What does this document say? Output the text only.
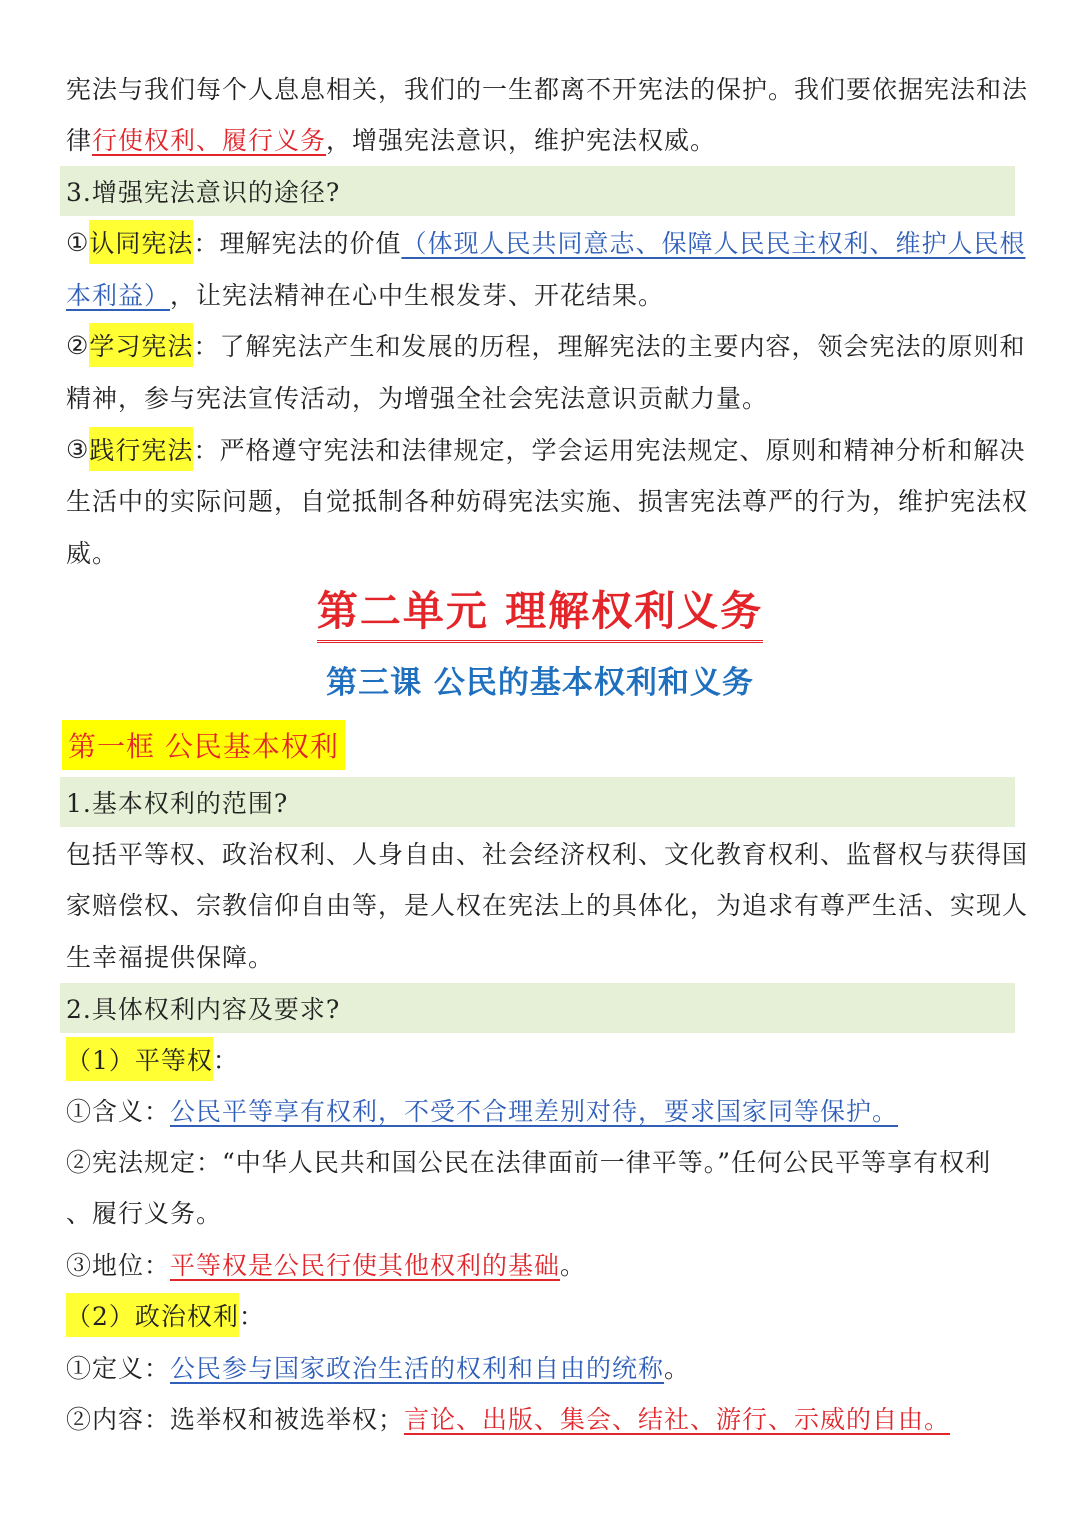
宪法与我们每个人息息相关，我们的一生都离不开宪法的保护。我们要依据宪法和法
律 行使权利、履行义务 ，增强宪法意识，维护宪法权威。
3.增强宪法意识的途径?
① 认同宪法 ：理解宪法的价值 （体现人民共同意志、保障人民民主权利、维护人民根
本利益） ，让宪法精神在心中生根发芽、开花结果。
② 学习宪法 ：了解宪法产生和发展的历程，理解宪法的主要内容，领会宪法的原则和
精神，参与宪法宣传活动，为增强全社会宪法意识贡献力量。
③ 践行宪法 ：严格遵守宪法和法律规定，学会运用宪法规定、原则和精神分析和解决
生活中的实际问题，自觉抵制各种妨碍宪法实施、损害宪法尊严的行为，维护宪法权
威。
第二单元 理解权利义务
第三课 公民的基本权利和义务
第一框 公民基本权利
1.基本权利的范围?
包括平等权、政治权利、人身自由、社会经济权利、文化教育权利、监督权与获得国
家赔偿权、宗教信仰自由等，是人权在宪法上的具体化，为追求有尊严生活、实现人
生幸福提供保障。
2.具体权利内容及要求?
（1）平等权 ：
①含义： 公民平等享有权利，不受不合理差别对待，要求国家同等保护。
②宪法规定： “中华人民共和国公民在法律面前一律平等。”任何公民平等享有权利
、履行义务。
③地位： 平等权是公民行使其他权利的基础 。
（2）政治权利 ：
①定义： 公民参与国家政治生活的权利和自由的统称 。
②内容：选举权和被选举权； 言论、出版、集会、结社、游行、示威的自由。
